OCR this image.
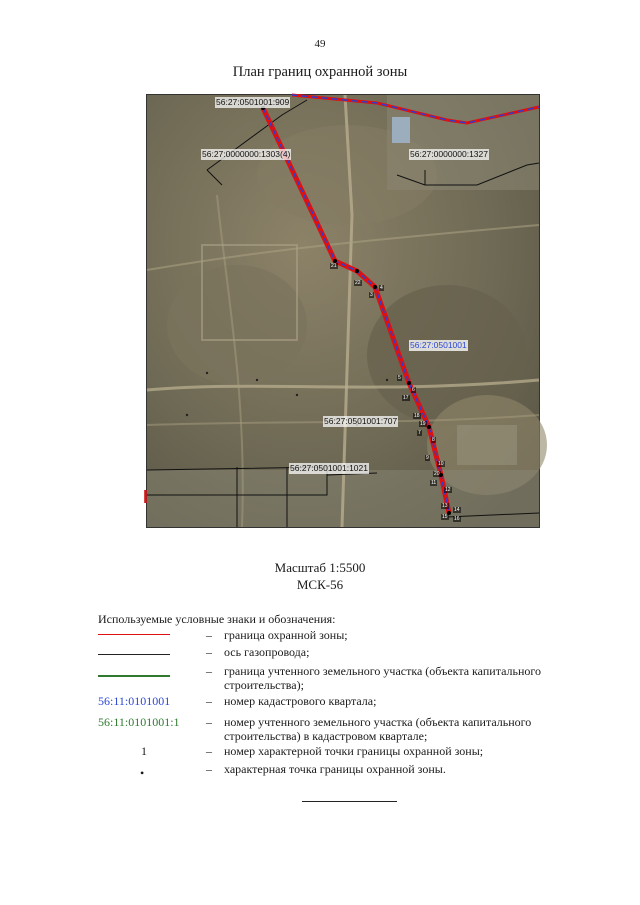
49
План границ охранной зоны
I
56:27:0501001:909
56:27:0000000:1303(4)	56:27:0000000:1327
56:27:0501001
56:27:0501001:707
56:27:0501001:1021
21
22
3
4
5
6
7
8
9
10
11
12
13
14
15 16
17
18
19
20
Масштаб 1:5500
МСК-56
Используемые условные знаки и обозначения:
– граница охранной зоны;
– ось газопровода;
– граница учтенного земельного участка (объекта капитального строительства);
56:11:0101001	– номер кадастрового квартала;
56:11:0101001:1	– номер учтенного земельного участка (объекта капитального строительства) в кадастровом квартале;
1	– номер характерной точки границы охранной зоны;
•	– характерная точка границы охранной зоны.
